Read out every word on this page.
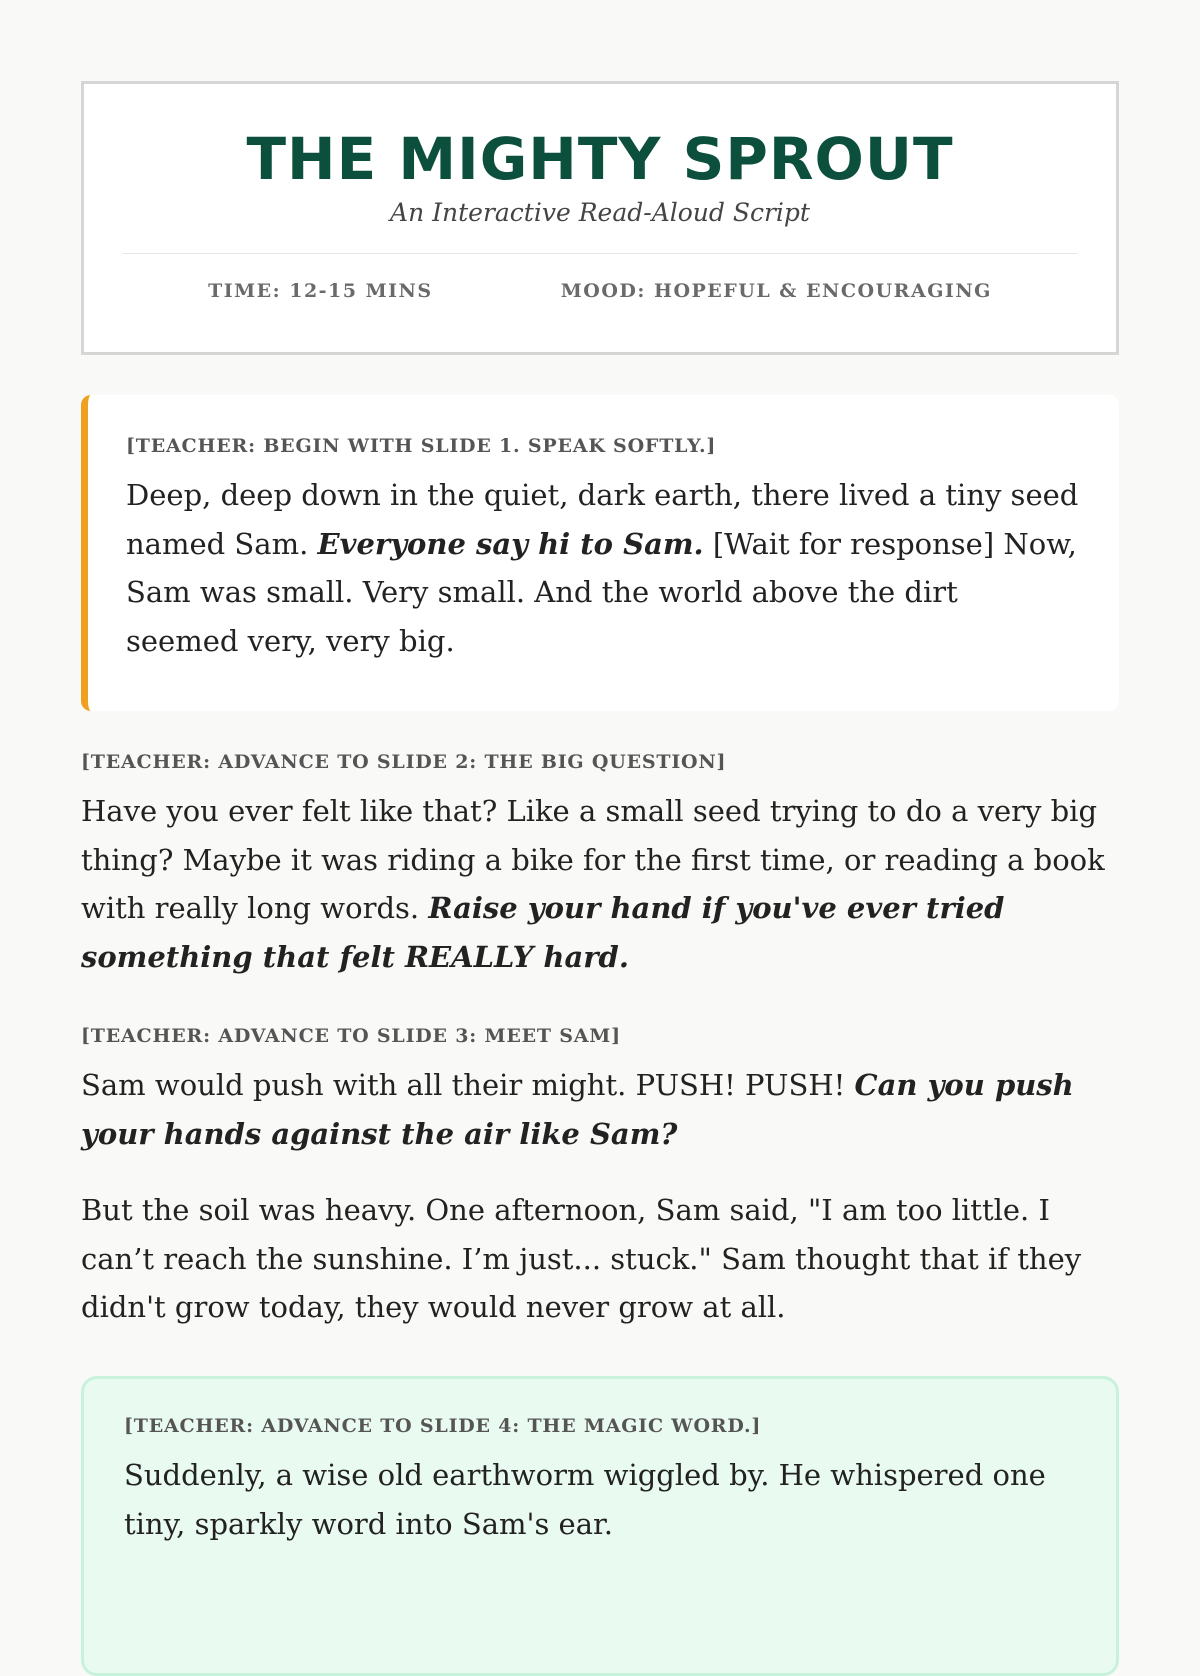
THE MIGHTY SPROUT

An Interactive Read-Aloud Script

TIME: 12-15 MINS	MOOD: HOPEFUL & ENCOURAGING
[TEACHER: BEGIN WITH SLIDE 1. SPEAK SOFTLY.]

Deep, deep down in the quiet, dark earth, there lived a tiny seed named Sam. Everyone say hi to Sam. [Wait for response] Now, Sam was small. Very small. And the world above the dirt seemed very, very big.

[TEACHER: ADVANCE TO SLIDE 2: THE BIG QUESTION]

Have you ever felt like that? Like a small seed trying to do a very big thing? Maybe it was riding a bike for the first time, or reading a book with really long words. Raise your hand if you've ever tried something that felt REALLY hard.

[TEACHER: ADVANCE TO SLIDE 3: MEET SAM]

Sam would push with all their might. PUSH! PUSH! Can you push your hands against the air like Sam?

But the soil was heavy. One afternoon, Sam said, "I am too little. I can’t reach the sunshine. I’m just... stuck." Sam thought that if they didn't grow today, they would never grow at all.

[TEACHER: ADVANCE TO SLIDE 4: THE MAGIC WORD.]

Suddenly, a wise old earthworm wiggled by. He whispered one tiny, sparkly word into Sam's ear.
